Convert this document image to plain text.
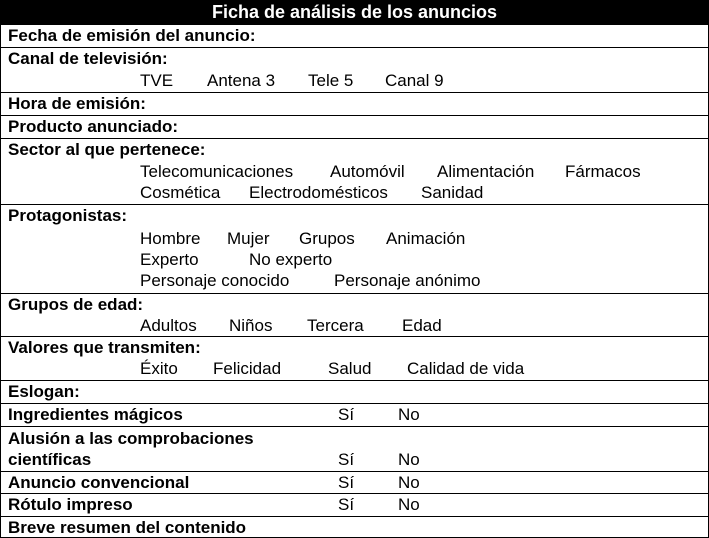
Ficha de análisis de los anuncios
Fecha de emisión del anuncio:
Canal de televisión:
TVE Antena 3 Tele 5 Canal 9
Hora de emisión:
Producto anunciado:
Sector al que pertenece:
Telecomunicaciones Automóvil Alimentación Fármacos
Cosmética Electrodomésticos Sanidad
Protagonistas:
Hombre Mujer Grupos Animación
Experto	No experto
Personaje conocido	Personaje anónimo
Grupos de edad:
Adultos Niños Tercera Edad
Valores que transmiten:
Éxito Felicidad	Salud Calidad de vida
Eslogan:
Ingredientes mágicos	Sí	No
Alusión a las comprobaciones
científicas	Sí	No
Anuncio convencional	Sí	No
Rótulo impreso	Sí	No
Breve resumen del contenido
